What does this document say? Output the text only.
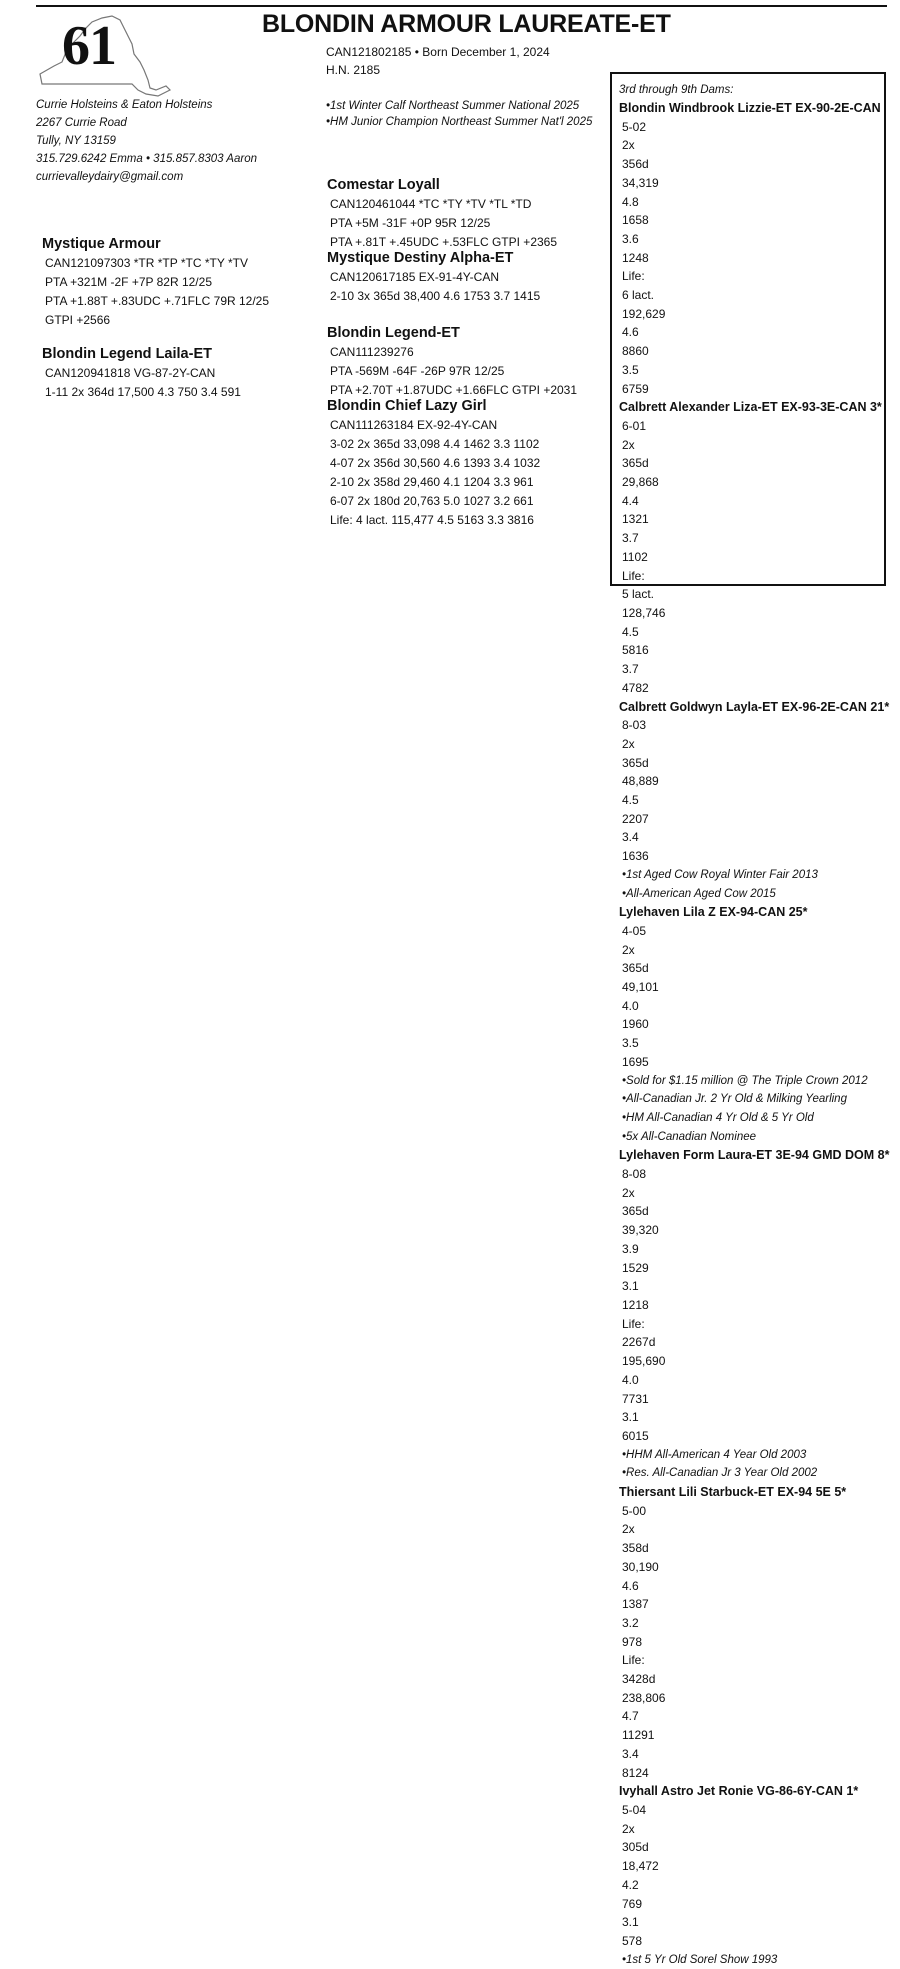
61	BLONDIN ARMOUR LAUREATE-ET
CAN121802185 • Born December 1, 2024
H.N. 2185
•1st Winter Calf Northeast Summer National 2025
•HM Junior Champion Northeast Summer Nat'l 2025
Currie Holsteins & Eaton Holsteins
2267 Currie Road
Tully, NY 13159
315.729.6242 Emma • 315.857.8303 Aaron
currievalleydairy@gmail.com
Mystique Armour
CAN121097303 *TR *TP *TC *TY *TV
PTA +321M -2F +7P 82R 12/25
PTA +1.88T +.83UDC +.71FLC 79R 12/25
GTPI +2566
Blondin Legend Laila-ET
CAN120941818 VG-87-2Y-CAN
1-11 2x 364d 17,500 4.3 750 3.4 591
Comestar Loyall
CAN120461044 *TC *TY *TV *TL *TD
PTA +5M -31F +0P 95R 12/25
PTA +.81T +.45UDC +.53FLC GTPI +2365
Mystique Destiny Alpha-ET
CAN120617185 EX-91-4Y-CAN
2-10 3x 365d 38,400 4.6 1753 3.7 1415
Blondin Legend-ET
CAN111239276
PTA -569M -64F -26P 97R 12/25
PTA +2.70T +1.87UDC +1.66FLC GTPI +2031
Blondin Chief Lazy Girl
CAN111263184 EX-92-4Y-CAN
3-02 2x 365d 33,098 4.4 1462 3.3 1102
4-07 2x 356d 30,560 4.6 1393 3.4 1032
2-10 2x 358d 29,460 4.1 1204 3.3 961
6-07 2x 180d 20,763 5.0 1027 3.2 661
Life: 4 lact. 115,477 4.5 5163 3.3 3816
3rd through 9th Dams:
Blondin Windbrook Lizzie-ET EX-90-2E-CAN
5-02
2x
356d
34,319
4.8
1658
3.6
1248
Life:
6 lact.
192,629
4.6
8860
3.5
6759
Calbrett Alexander Liza-ET EX-93-3E-CAN 3*
6-01
2x
365d
29,868
4.4
1321
3.7
1102
Life:
5 lact.
128,746
4.5
5816
3.7
4782
Calbrett Goldwyn Layla-ET EX-96-2E-CAN 21*
8-03
2x
365d
48,889
4.5
2207
3.4
1636
•1st Aged Cow Royal Winter Fair 2013
•All-American Aged Cow 2015
Lylehaven Lila Z EX-94-CAN 25*
4-05
2x
365d
49,101
4.0
1960
3.5
1695
•Sold for $1.15 million @ The Triple Crown 2012
•All-Canadian Jr. 2 Yr Old & Milking Yearling
•HM All-Canadian 4 Yr Old & 5 Yr Old
•5x All-Canadian Nominee
Lylehaven Form Laura-ET 3E-94 GMD DOM 8*
8-08
2x
365d
39,320
3.9
1529
3.1
1218
Life:
2267d
195,690
4.0
7731
3.1
6015
•HHM All-American 4 Year Old 2003
•Res. All-Canadian Jr 3 Year Old 2002
Thiersant Lili Starbuck-ET EX-94 5E 5*
5-00
2x
358d
30,190
4.6
1387
3.2
978
Life:
3428d
238,806
4.7
11291
3.4
8124
Ivyhall Astro Jet Ronie VG-86-6Y-CAN 1*
5-04
2x
305d
18,472
4.2
769
3.1
578
•1st 5 Yr Old Sorel Show 1993
